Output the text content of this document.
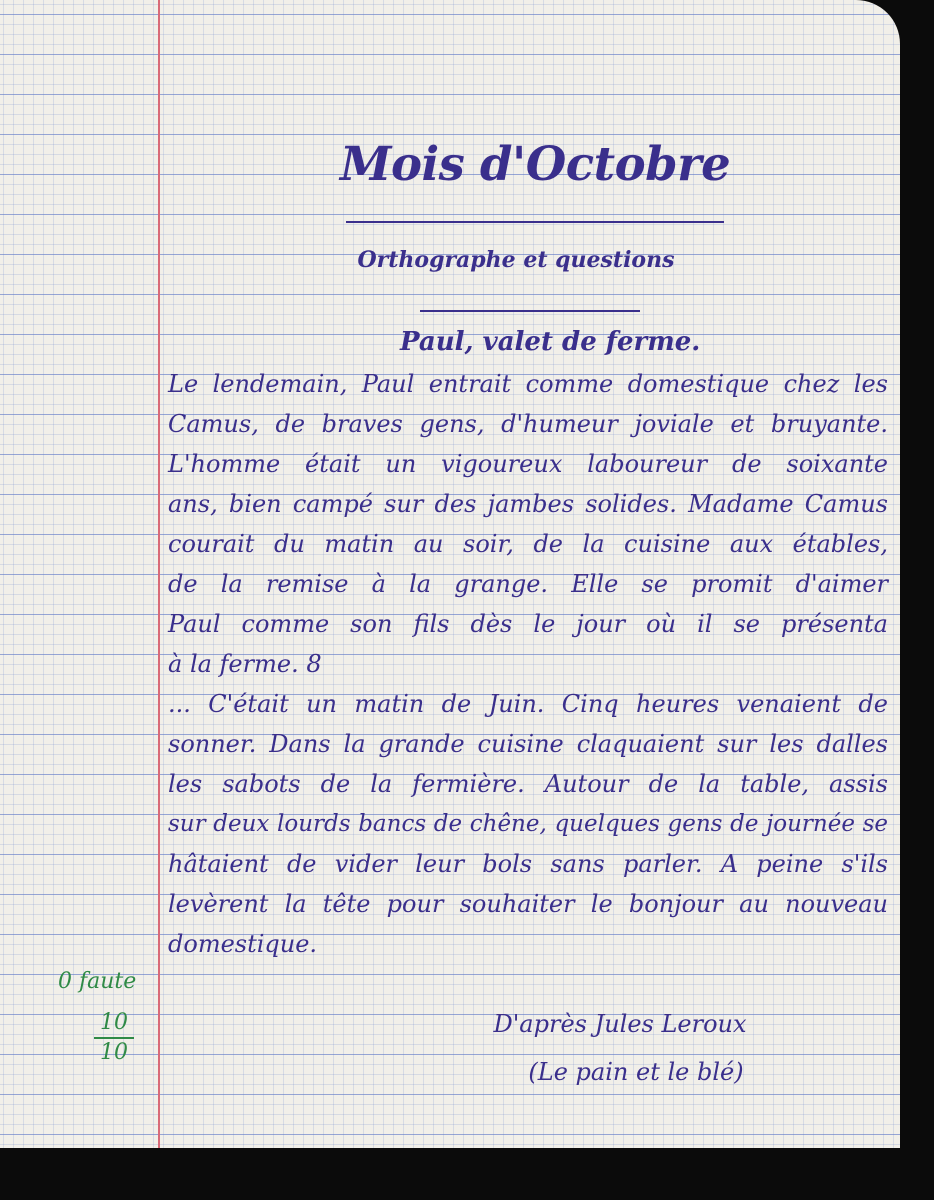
Mois d'Octobre
Orthographe et questions
Paul, valet de ferme.
Le lendemain, Paul entrait comme domestique chez les
Camus, de braves gens, d'humeur joviale et bruyante.
L'homme était un vigoureux laboureur de soixante
ans, bien campé sur des jambes solides. Madame Camus
courait du matin au soir, de la cuisine aux étables,
de la remise à la grange. Elle se promit d'aimer
Paul comme son fils dès le jour où il se présenta
à la ferme. 8
... C'était un matin de Juin. Cinq heures venaient de
sonner. Dans la grande cuisine claquaient sur les dalles
les sabots de la fermière. Autour de la table, assis
sur deux lourds bancs de chêne, quelques gens de journée se
hâtaient de vider leur bols sans parler. A peine s'ils
levèrent la tête pour souhaiter le bonjour au nouveau
domestique.

D'après Jules Leroux

(Le pain et le blé)

0 faute

10
10
